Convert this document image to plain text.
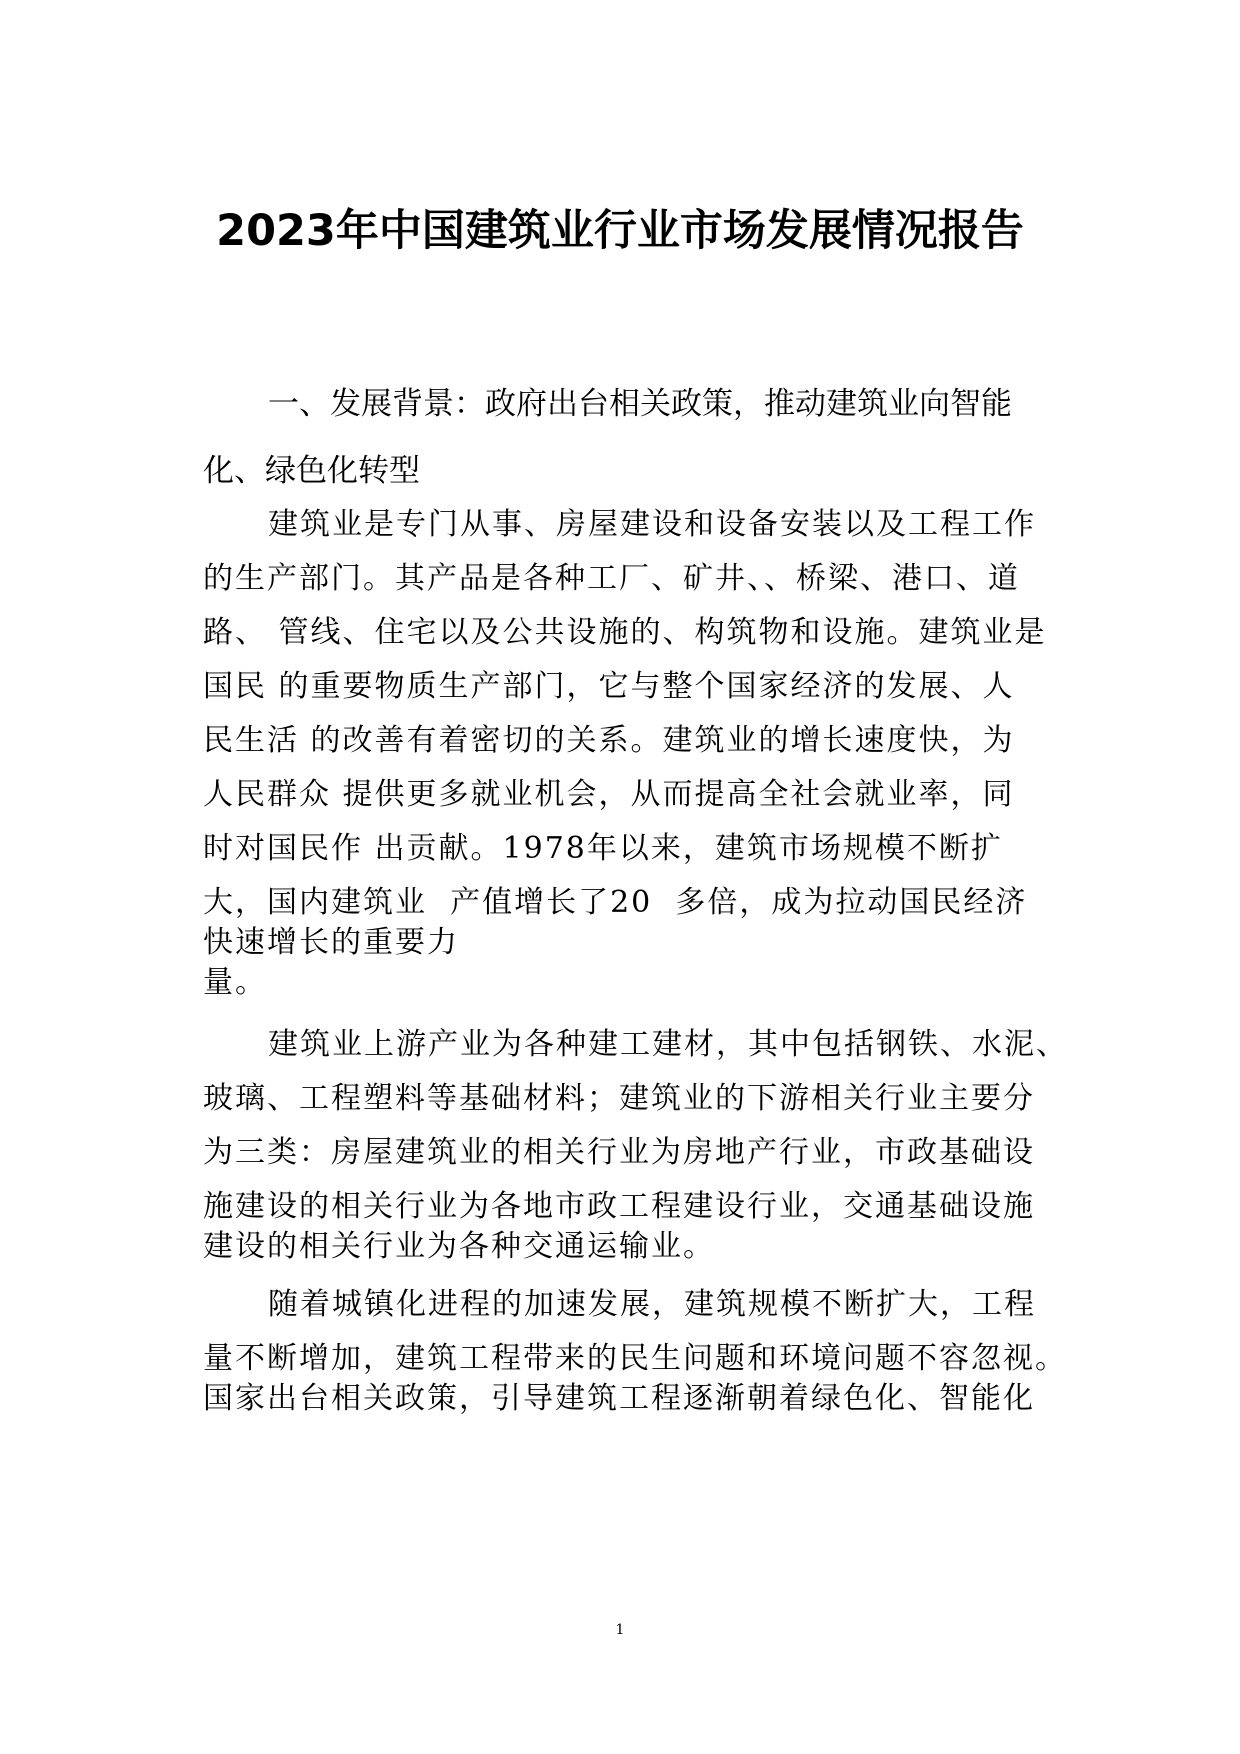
2023年中国建筑业行业市场发展情况报告
一、发展背景：政府出台相关政策，推动建筑业向智能
化、绿色化转型
建筑业是专门从事、房屋建设和设备安装以及工程工作
的生产部门。其产品是各种工厂、矿井、、桥梁、港口、道
路、 管线、住宅以及公共设施的、构筑物和设施。建筑业是
国民 的重要物质生产部门，它与整个国家经济的发展、人
民生活 的改善有着密切的关系。建筑业的增长速度快，为
人民群众 提供更多就业机会，从而提高全社会就业率，同
时对国民作 出贡献。1978年以来，建筑市场规模不断扩
大，国内建筑业  产值增长了20  多倍，成为拉动国民经济
快速增长的重要力
量。
建筑业上游产业为各种建工建材，其中包括钢铁、水泥、
玻璃、工程塑料等基础材料；建筑业的下游相关行业主要分
为三类：房屋建筑业的相关行业为房地产行业，市政基础设
施建设的相关行业为各地市政工程建设行业，交通基础设施
建设的相关行业为各种交通运输业。
随着城镇化进程的加速发展，建筑规模不断扩大，工程
量不断增加，建筑工程带来的民生问题和环境问题不容忽视。
国家出台相关政策，引导建筑工程逐渐朝着绿色化、智能化
1
